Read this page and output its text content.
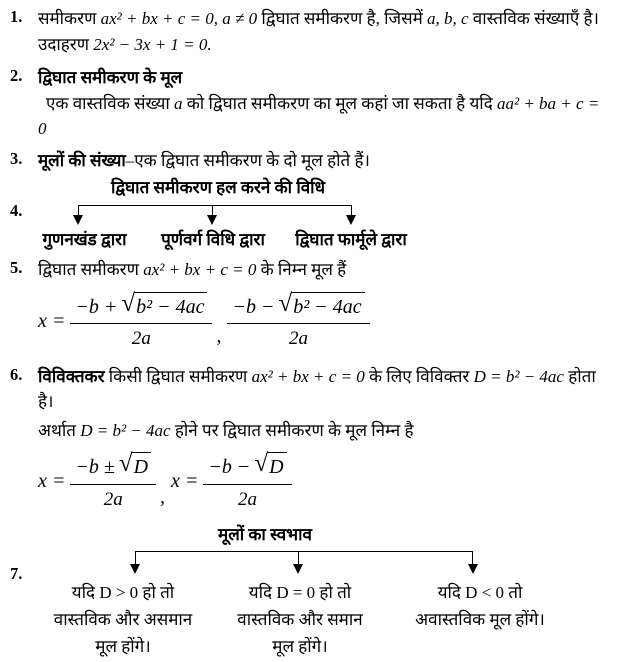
1. समीकरण ax² + bx + c = 0, a ≠ 0 द्विघात समीकरण है, जिसमें a, b, c वास्तविक संख्याएँ है। उदाहरण 2x² − 3x + 1 = 0.
2. द्विघात समीकरण के मूल
एक वास्तविक संख्या a को द्विघात समीकरण का मूल कहां जा सकता है यदि aa² + ba + c = 0
3. मूलों की संख्या–एक द्विघात समीकरण के दो मूल होते हैं।
4.
द्विघात समीकरण हल करने की विधि
गुणनखंड द्वारा	पूर्णवर्ग विधि द्वारा	द्विघात फार्मूले द्वारा
5. द्विघात समीकरण ax² + bx + c = 0 के निम्न मूल हैं
$x = \frac{\text{−b + √ b² − 4ac}}{2a}$ , $\frac{\text{−b − √ b² − 4ac}}{2a}$
6. विविक्तकर किसी द्विघात समीकरण ax² + bx + c = 0 के लिए विविक्तर D = b² − 4ac होता है।
अर्थात D = b² − 4ac होने पर द्विघात समीकरण के मूल निम्न है
$x = \frac{-b \pm √ D}{2a}$ ,
$x = \frac{-b - √ D}{2a}$
7.
मूलों का स्वभाव
यदि D > 0 हो तो
वास्तविक और असमान
मूल होंगे।
यदि D = 0 हो तो
वास्तविक और समान
मूल होंगे।
यदि D < 0 तो
अवास्तविक मूल होंगे।
